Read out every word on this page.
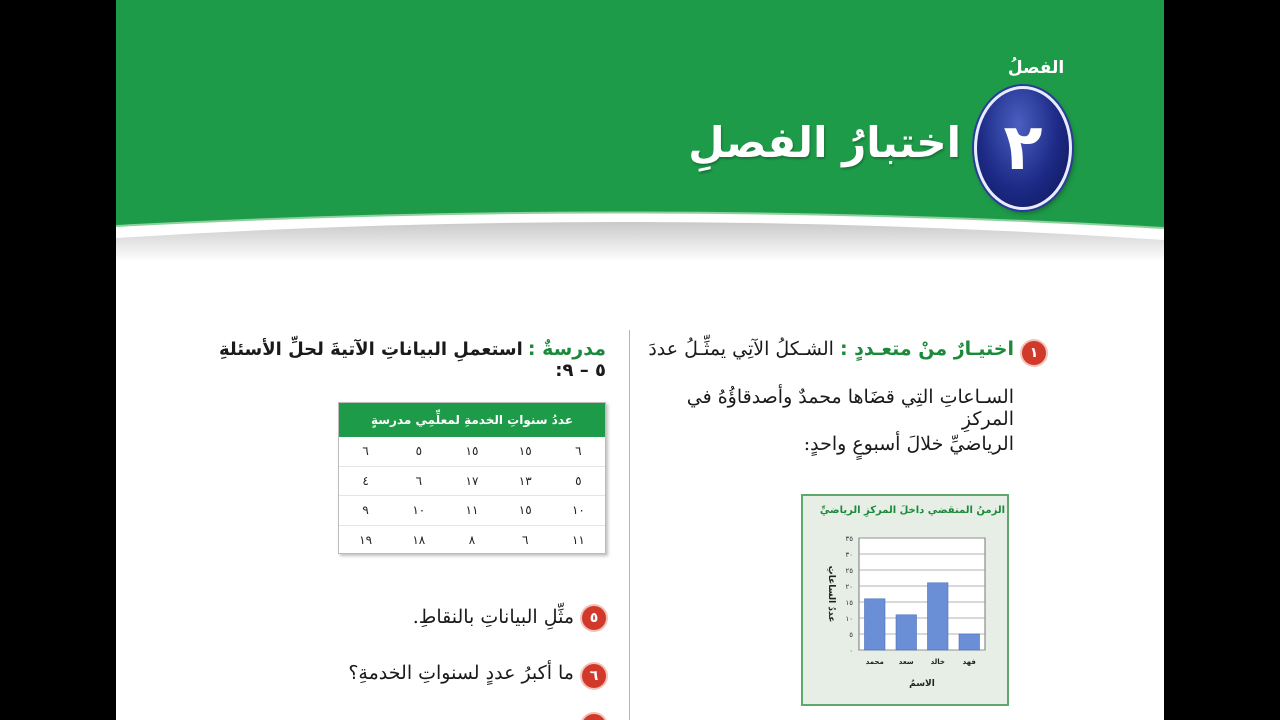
الفصلُ
٢
اختبارُ الفصلِ
١
اختيـارٌ منْ متعـددٍ : الشـكلُ الآتِي يمثِّـلُ عددَ
السـاعاتِ التِي قضَاها محمدٌ وأصدقاؤُهُ في المركزِ
الرياضيِّ خلالَ أسبوعٍ واحدٍ:
الزمنُ المنقضي داخلَ المركزِ الرياضيِّ
٠
٥
١٠
١٥
٢٠
٢٥
٣٠
٣٥
محمد سعد خالد	فهد
الاسمُ
عددُ الساعاتِ
مدرسةٌ : استعملِ البياناتِ الآتيةَ لحلِّ الأسئلةِ ٥ – ٩:
عددُ سنواتِ الخدمةِ لمعلِّمِي مدرسةٍ
٦
١٥
١٥
٥
٦
٥
١٣
١٧
٦
٤
١٠
١٥
١١
١٠
٩
١١
٦
٨
١٨
١٩
٥
مثِّلِ البياناتِ بالنقاطِ.
٦
ما أكبرُ عددٍ لسنواتِ الخدمةِ؟
